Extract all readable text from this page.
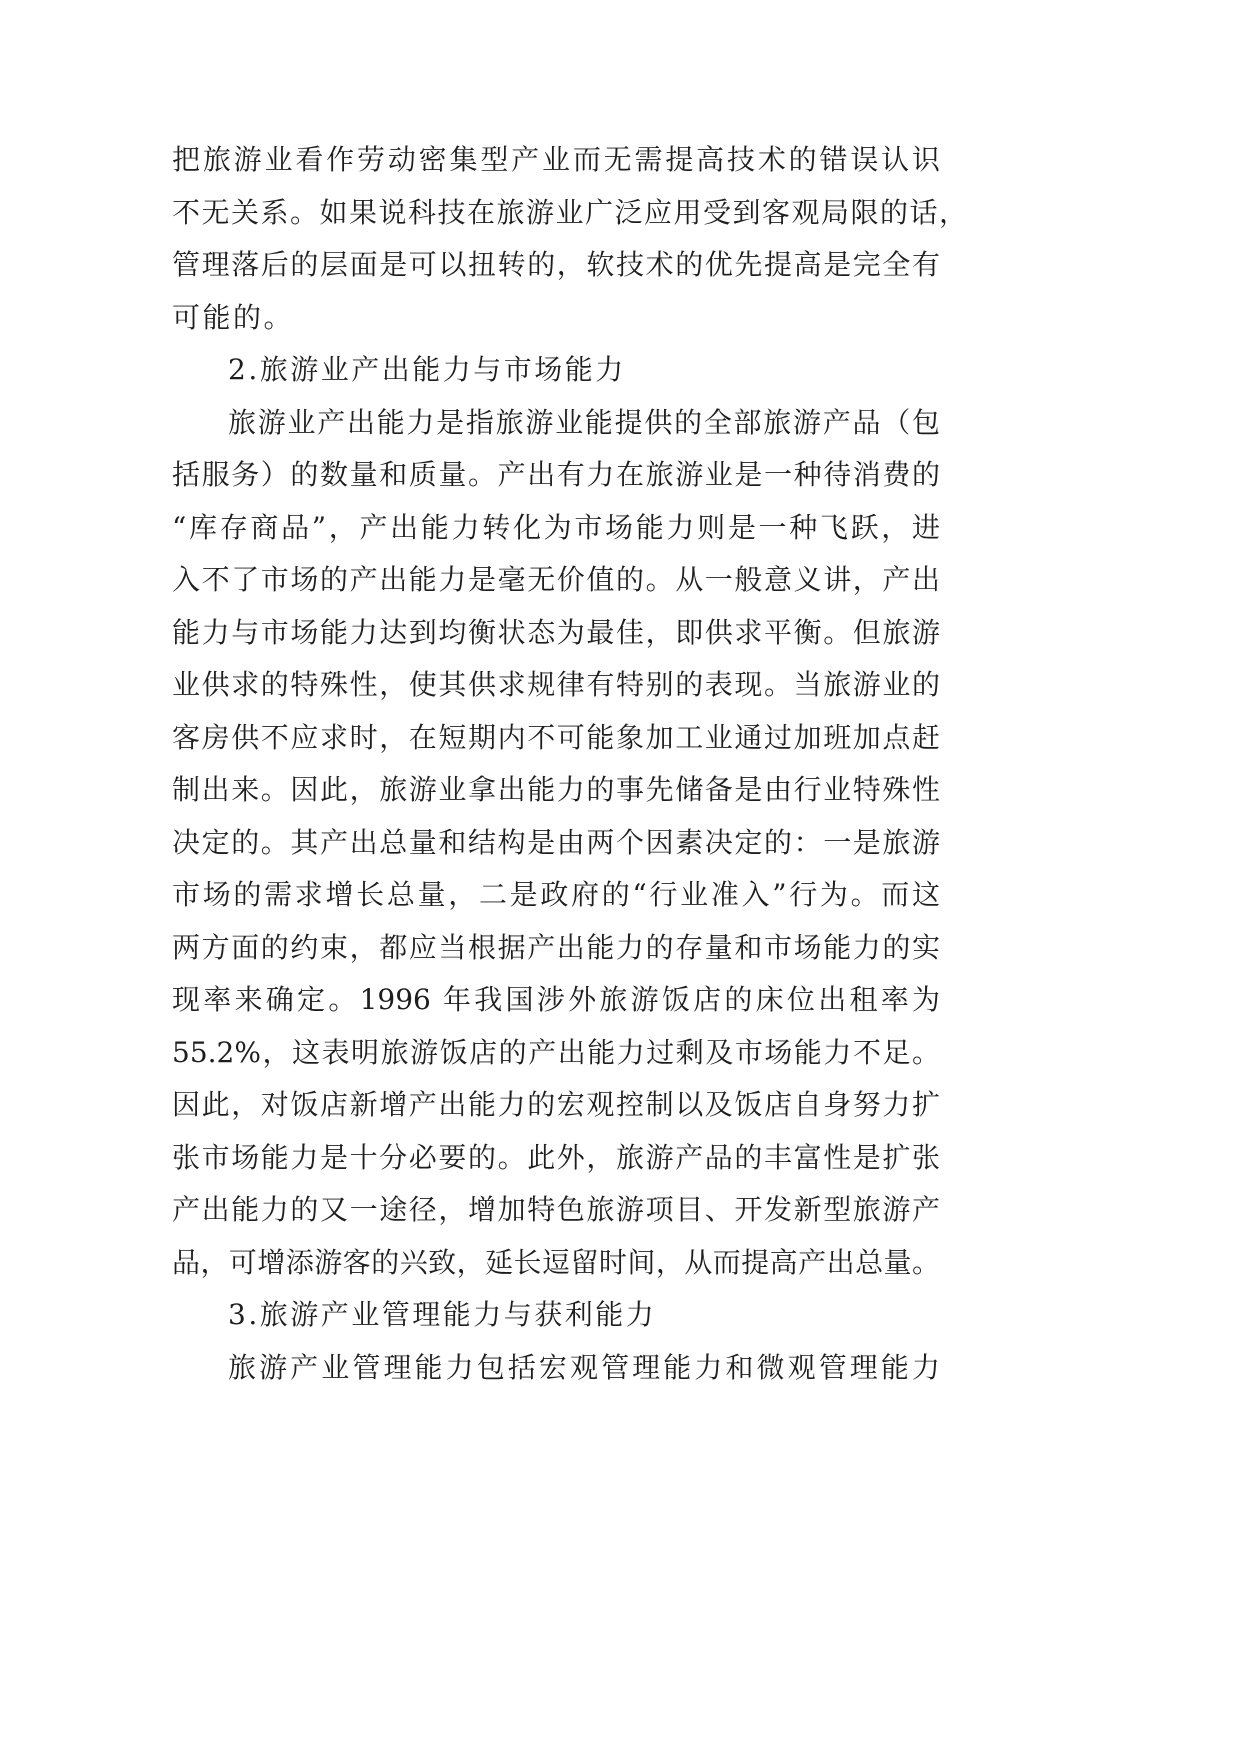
把旅游业看作劳动密集型产业而无需提高技术的错误认识
不无关系。如果说科技在旅游业广泛应用受到客观局限的话，
管理落后的层面是可以扭转的，软技术的优先提高是完全有
可能的。
2.旅游业产出能力与市场能力
旅游业产出能力是指旅游业能提供的全部旅游产品（包
括服务）的数量和质量。产出有力在旅游业是一种待消费的
“库存商品”，产出能力转化为市场能力则是一种飞跃，进
入不了市场的产出能力是毫无价值的。从一般意义讲，产出
能力与市场能力达到均衡状态为最佳，即供求平衡。但旅游
业供求的特殊性，使其供求规律有特别的表现。当旅游业的
客房供不应求时，在短期内不可能象加工业通过加班加点赶
制出来。因此，旅游业拿出能力的事先储备是由行业特殊性
决定的。其产出总量和结构是由两个因素决定的：一是旅游
市场的需求增长总量，二是政府的“行业准入”行为。而这
两方面的约束，都应当根据产出能力的存量和市场能力的实
现率来确定。1996 年我国涉外旅游饭店的床位出租率为
55.2%，这表明旅游饭店的产出能力过剩及市场能力不足。
因此，对饭店新增产出能力的宏观控制以及饭店自身努力扩
张市场能力是十分必要的。此外，旅游产品的丰富性是扩张
产出能力的又一途径，增加特色旅游项目、开发新型旅游产
品，可增添游客的兴致，延长逗留时间，从而提高产出总量。
3.旅游产业管理能力与获利能力
旅游产业管理能力包括宏观管理能力和微观管理能力
